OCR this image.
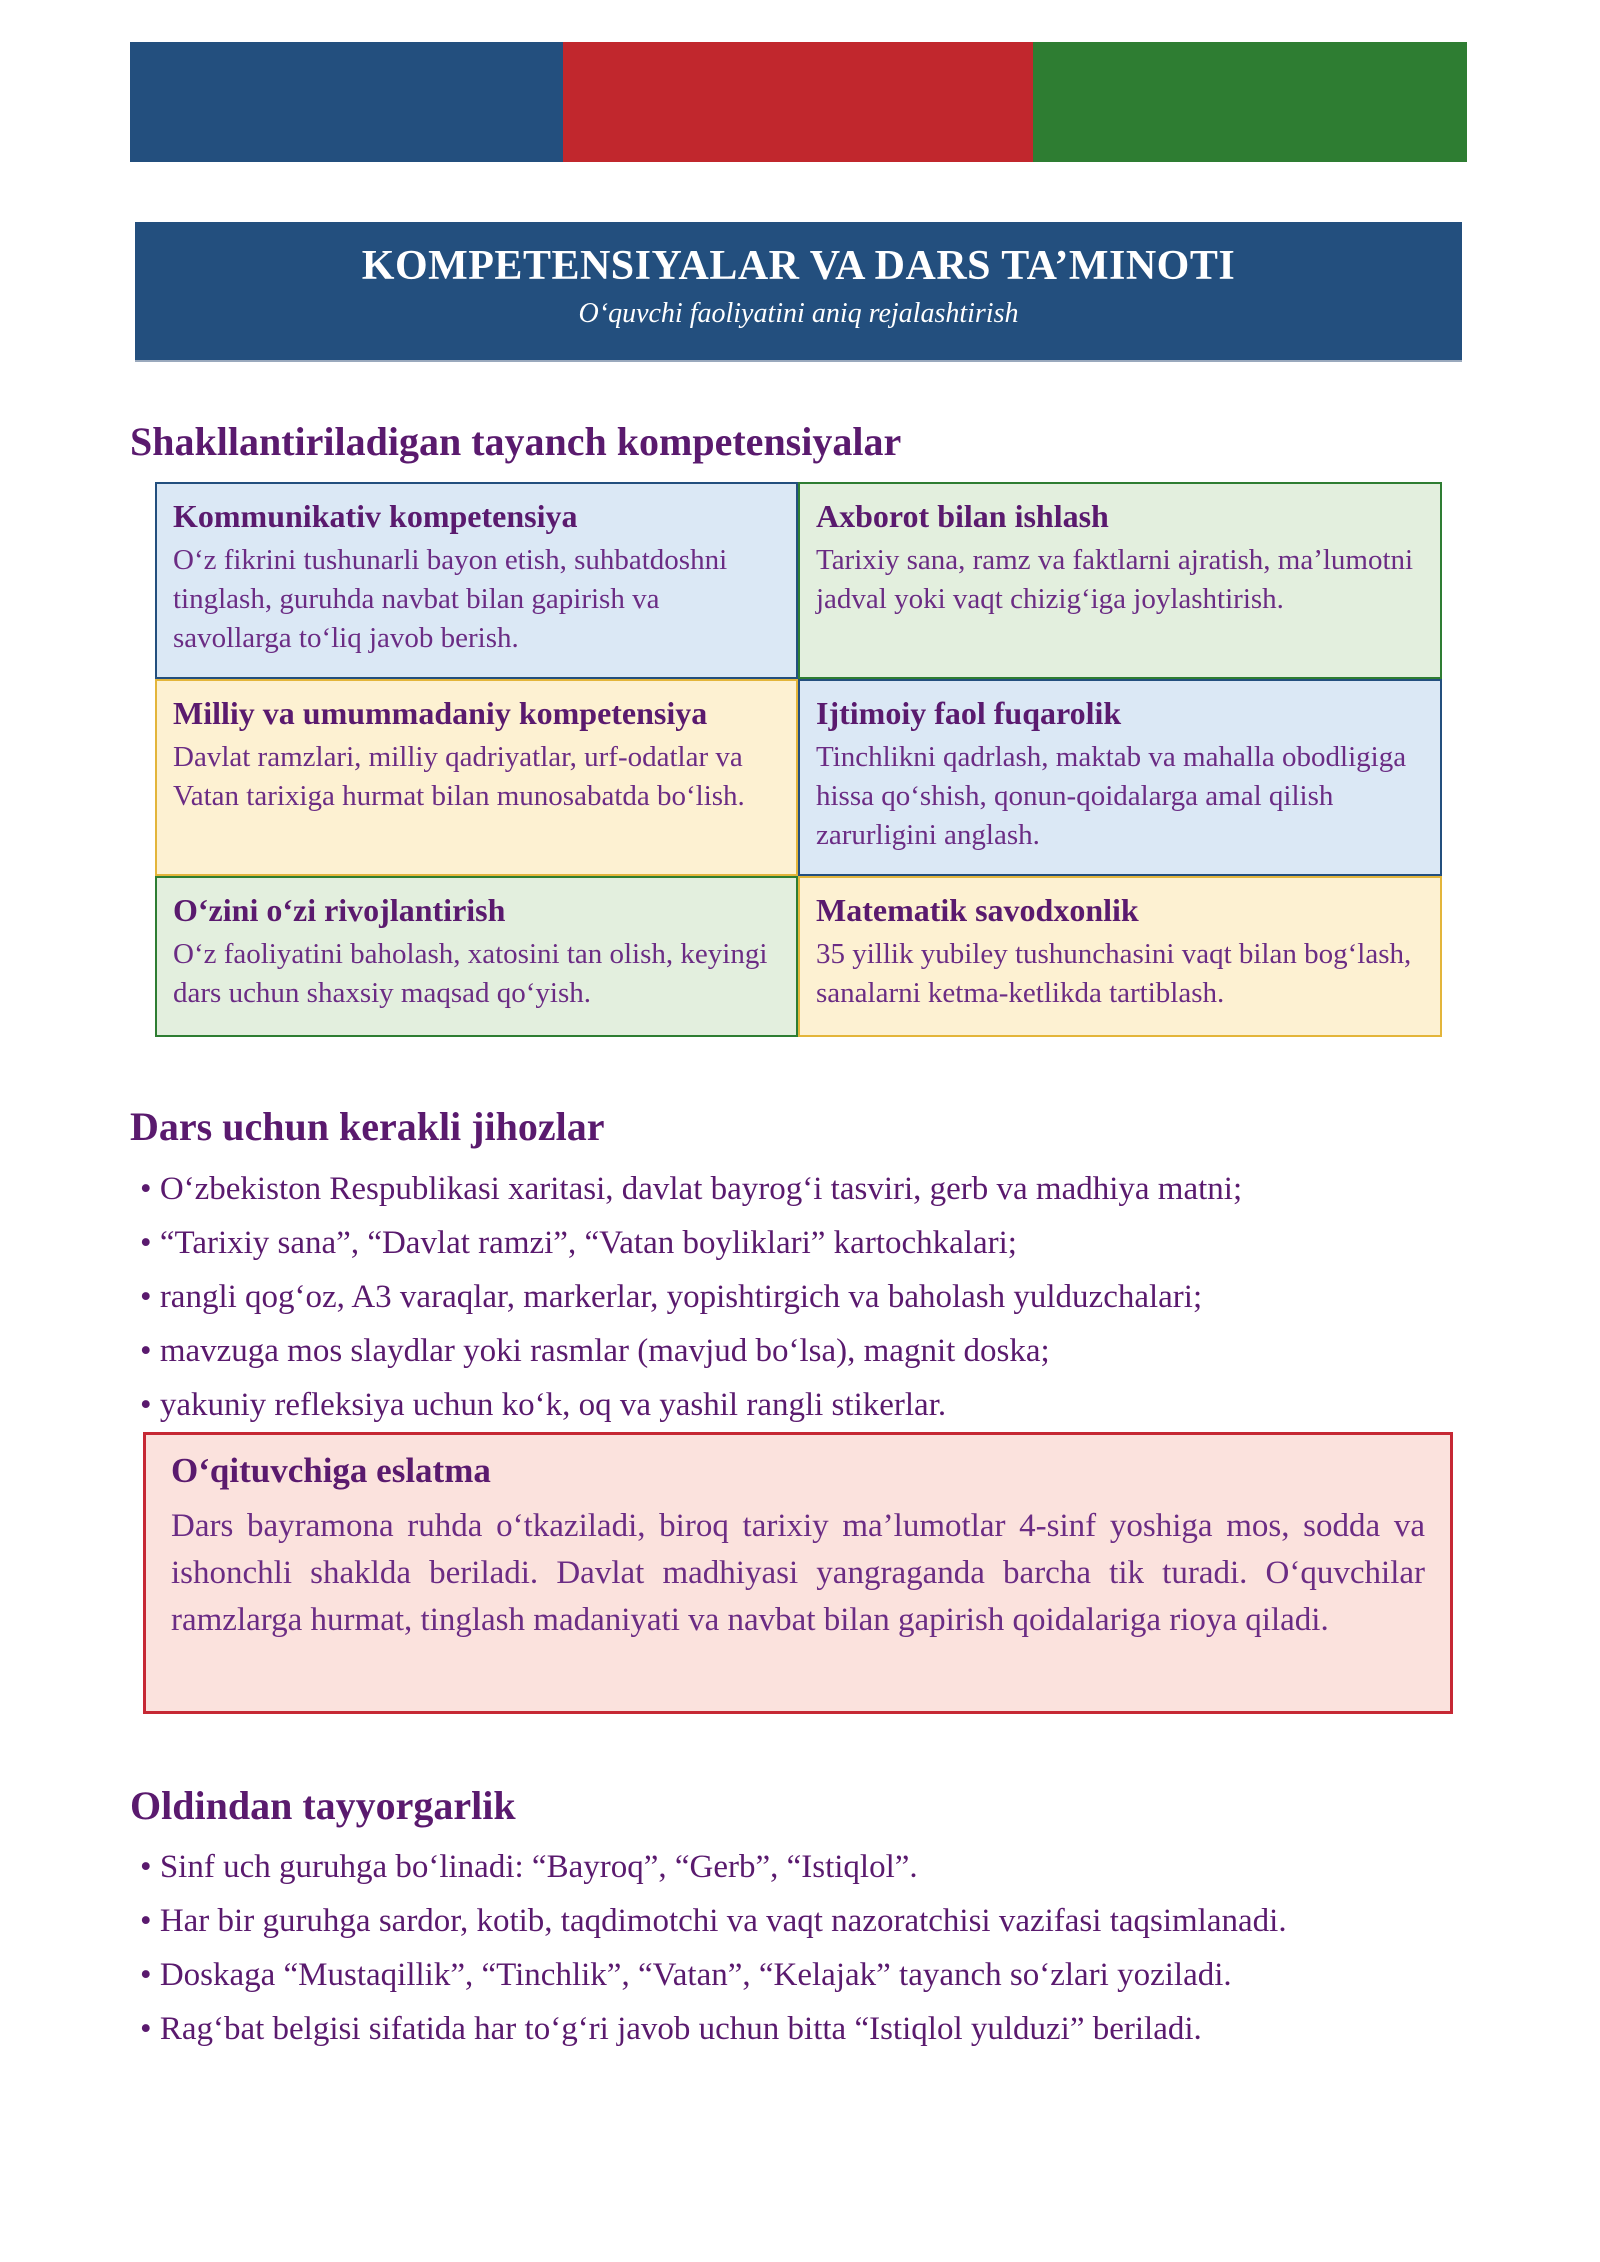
KOMPETENSIYALAR VA DARS TA’MINOTI
O‘quvchi faoliyatini aniq rejalashtirish
Shakllantiriladigan tayanch kompetensiyalar
Kommunikativ kompetensiya
O‘z fikrini tushunarli bayon etish, suhbatdoshni tinglash, guruhda navbat bilan gapirish va savollarga to‘liq javob berish.
Axborot bilan ishlash
Tarixiy sana, ramz va faktlarni ajratish, ma’lumotni jadval yoki vaqt chizig‘iga joylashtirish.
Milliy va umummadaniy kompetensiya
Davlat ramzlari, milliy qadriyatlar, urf-odatlar va Vatan tarixiga hurmat bilan munosabatda bo‘lish.
Ijtimoiy faol fuqarolik
Tinchlikni qadrlash, maktab va mahalla obodligiga hissa qo‘shish, qonun-qoidalarga amal qilish zarurligini anglash.
O‘zini o‘zi rivojlantirish
O‘z faoliyatini baholash, xatosini tan olish, keyingi dars uchun shaxsiy maqsad qo‘yish.
Matematik savodxonlik
35 yillik yubiley tushunchasini vaqt bilan bog‘lash, sanalarni ketma-ketlikda tartiblash.
Dars uchun kerakli jihozlar
• O‘zbekiston Respublikasi xaritasi, davlat bayrog‘i tasviri, gerb va madhiya matni;
• “Tarixiy sana”, “Davlat ramzi”, “Vatan boyliklari” kartochkalari;
• rangli qog‘oz, A3 varaqlar, markerlar, yopishtirgich va baholash yulduzchalari;
• mavzuga mos slaydlar yoki rasmlar (mavjud bo‘lsa), magnit doska;
• yakuniy refleksiya uchun ko‘k, oq va yashil rangli stikerlar.
O‘qituvchiga eslatma
Dars bayramona ruhda o‘tkaziladi, biroq tarixiy ma’lumotlar 4-sinf yoshiga mos, sodda va ishonchli shaklda beriladi. Davlat madhiyasi yangraganda barcha tik turadi. O‘quvchilar ramzlarga hurmat, tinglash madaniyati va navbat bilan gapirish qoidalariga rioya qiladi.
Oldindan tayyorgarlik
• Sinf uch guruhga bo‘linadi: “Bayroq”, “Gerb”, “Istiqlol”.
• Har bir guruhga sardor, kotib, taqdimotchi va vaqt nazoratchisi vazifasi taqsimlanadi.
• Doskaga “Mustaqillik”, “Tinchlik”, “Vatan”, “Kelajak” tayanch so‘zlari yoziladi.
• Rag‘bat belgisi sifatida har to‘g‘ri javob uchun bitta “Istiqlol yulduzi” beriladi.
